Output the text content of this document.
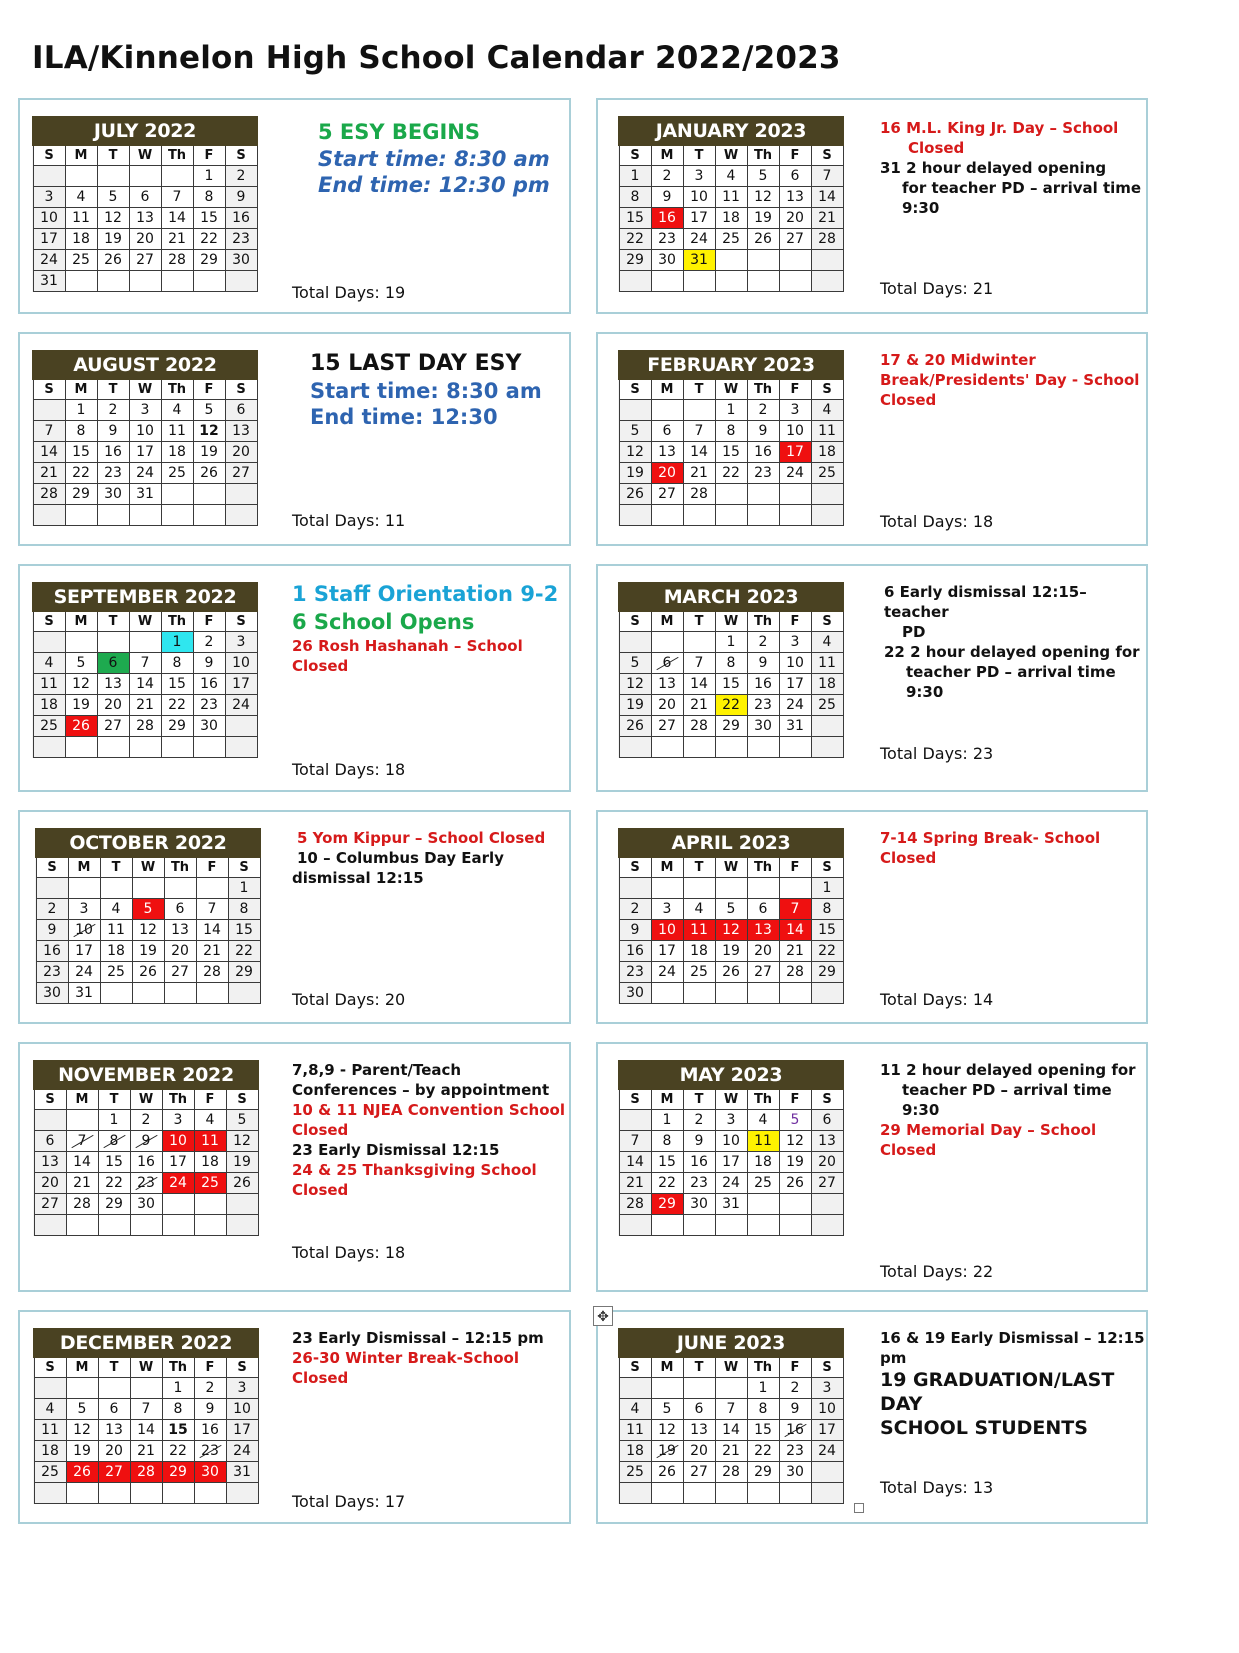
ILA/Kinnelon High School Calendar 2022/2023
JULY 2022						
S	M	T	W	Th	F	S
					1	2
3	4	5	6	7	8	9
10	11	12	13	14	15	16
17	18	19	20	21	22	23
24	25	26	27	28	29	30
31						
5 ESY BEGINS
Start time: 8:30 am
End time: 12:30 pm
Total Days: 19
JANUARY 2023						
S	M	T	W	Th	F	S
1	2	3	4	5	6	7
8	9	10	11	12	13	14
15	16	17	18	19	20	21
22	23	24	25	26	27	28
29	30	31				

16 M.L. King Jr. Day – School
Closed
31 2 hour delayed opening
for teacher PD – arrival time
9:30
Total Days: 21
AUGUST 2022						
S	M	T	W	Th	F	S
	1	2	3	4	5	6
7	8	9	10	11	12	13
14	15	16	17	18	19	20
21	22	23	24	25	26	27
28	29	30	31			

15 LAST DAY ESY
Start time: 8:30 am
End time: 12:30
Total Days: 11
FEBRUARY 2023						
S	M	T	W	Th	F	S
			1	2	3	4
5	6	7	8	9	10	11
12	13	14	15	16	17	18
19	20	21	22	23	24	25
26	27	28				

17 & 20 Midwinter
Break/Presidents' Day - School
Closed
Total Days: 18
SEPTEMBER 2022						
S	M	T	W	Th	F	S
				1	2	3
4	5	6	7	8	9	10
11	12	13	14	15	16	17
18	19	20	21	22	23	24
25	26	27	28	29	30	

1 Staff Orientation 9-2
6 School Opens
26 Rosh Hashanah – School
Closed
Total Days: 18
MARCH 2023						
S	M	T	W	Th	F	S
			1	2	3	4
5	6	7	8	9	10	11
12	13	14	15	16	17	18
19	20	21	22	23	24	25
26	27	28	29	30	31	

6 Early dismissal 12:15– teacher
PD
22 2 hour delayed opening for
teacher PD – arrival time
9:30
Total Days: 23
OCTOBER 2022						
S	M	T	W	Th	F	S
						1
2	3	4	5	6	7	8
9	10	11	12	13	14	15
16	17	18	19	20	21	22
23	24	25	26	27	28	29
30	31					
5 Yom Kippur – School Closed
10 – Columbus Day Early
dismissal 12:15
Total Days: 20
APRIL 2023						
S	M	T	W	Th	F	S
						1
2	3	4	5	6	7	8
9	10	11	12	13	14	15
16	17	18	19	20	21	22
23	24	25	26	27	28	29
30						
7-14 Spring Break- School
Closed
Total Days: 14
NOVEMBER 2022						
S	M	T	W	Th	F	S
		1	2	3	4	5
6	7	8	9	10	11	12
13	14	15	16	17	18	19
20	21	22	23	24	25	26
27	28	29	30			

7,8,9 - Parent/Teach
Conferences – by appointment
10 & 11 NJEA Convention School
Closed
23 Early Dismissal 12:15
24 & 25 Thanksgiving School
Closed
Total Days: 18
MAY 2023						
S	M	T	W	Th	F	S
	1	2	3	4	5	6
7	8	9	10	11	12	13
14	15	16	17	18	19	20
21	22	23	24	25	26	27
28	29	30	31			

11 2 hour delayed opening for
teacher PD – arrival time
9:30
29 Memorial Day – School
Closed
Total Days: 22
DECEMBER 2022						
S	M	T	W	Th	F	S
				1	2	3
4	5	6	7	8	9	10
11	12	13	14	15	16	17
18	19	20	21	22	23	24
25	26	27	28	29	30	31

23 Early Dismissal – 12:15 pm
26-30 Winter Break-School
Closed
Total Days: 17
JUNE 2023						
S	M	T	W	Th	F	S
				1	2	3
4	5	6	7	8	9	10
11	12	13	14	15	16	17
18	19	20	21	22	23	24
25	26	27	28	29	30	

16 & 19 Early Dismissal – 12:15
pm
19 GRADUATION/LAST DAY
SCHOOL STUDENTS
Total Days: 13
✥
